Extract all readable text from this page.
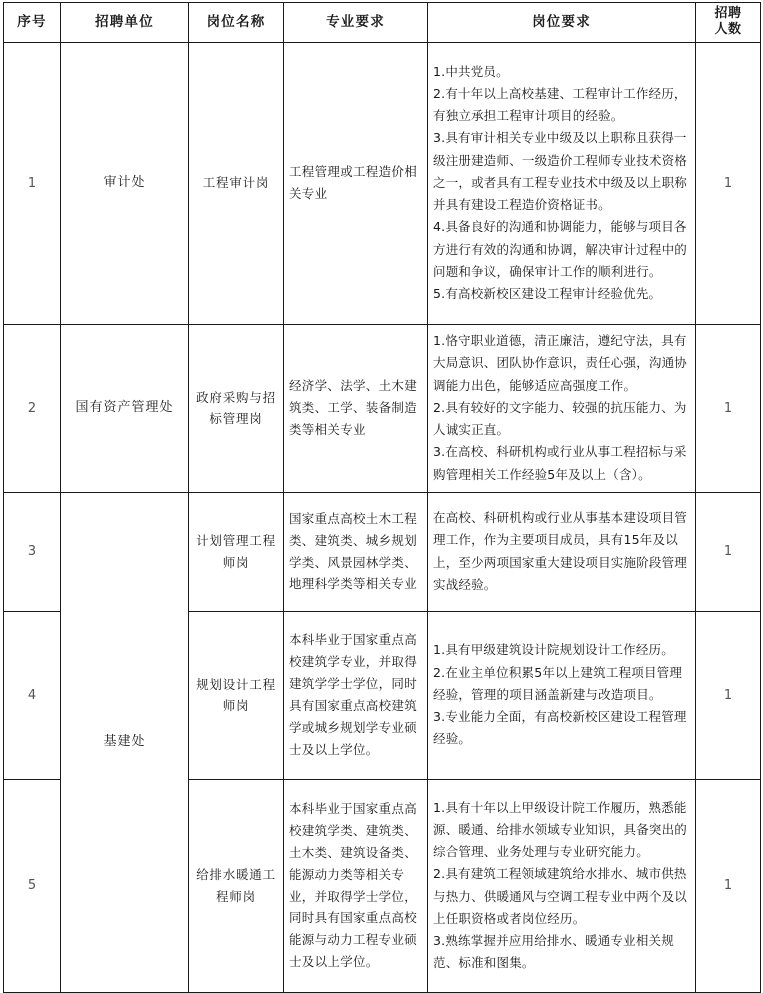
序号	招聘单位	岗位名称	专业要求	岗位要求	招聘
人数
1	审计处	工程审计岗	工程管理或工程造价相关专业	1.中共党员。
2.有十年以上高校基建、工程审计工作经历，有独立承担工程审计项目的经验。
3.具有审计相关专业中级及以上职称且获得一级注册建造师、一级造价工程师专业技术资格之一，或者具有工程专业技术中级及以上职称并具有建设工程造价资格证书。
4.具备良好的沟通和协调能力，能够与项目各方进行有效的沟通和协调，解决审计过程中的问题和争议，确保审计工作的顺利进行。
5.有高校新校区建设工程审计经验优先。	1
2	国有资产管理处	政府采购与招标管理岗	经济学、法学、土木建筑类、工学、装备制造类等相关专业	1.恪守职业道德，清正廉洁，遵纪守法，具有大局意识、团队协作意识，责任心强，沟通协调能力出色，能够适应高强度工作。
2.具有较好的文字能力、较强的抗压能力、为人诚实正直。
3.在高校、科研机构或行业从事工程招标与采购管理相关工作经验5年及以上（含）。	1
3	基建处	计划管理工程师岗	国家重点高校土木工程类、建筑类、城乡规划学类、风景园林学类、地理科学类等相关专业	在高校、科研机构或行业从事基本建设项目管理工作，作为主要项目成员，具有15年及以上，至少两项国家重大建设项目实施阶段管理实战经验。	1
4		规划设计工程师岗	本科毕业于国家重点高校建筑学专业，并取得建筑学学士学位，同时具有国家重点高校建筑学或城乡规划学专业硕士及以上学位。	1.具有甲级建筑设计院规划设计工作经历。
2.在业主单位积累5年以上建筑工程项目管理经验，管理的项目涵盖新建与改造项目。
3.专业能力全面，有高校新校区建设工程管理经验。	1
5		给排水暖通工程师岗	本科毕业于国家重点高校建筑学类、建筑类、土木类、建筑设备类、能源动力类等相关专业，并取得学士学位，同时具有国家重点高校能源与动力工程专业硕士及以上学位。	1.具有十年以上甲级设计院工作履历，熟悉能源、暖通、给排水领域专业知识，具备突出的综合管理、业务处理与专业研究能力。
2.具有建筑工程领域建筑给水排水、城市供热与热力、供暖通风与空调工程专业中两个及以上任职资格或者岗位经历。
3.熟练掌握并应用给排水、暖通专业相关规范、标准和图集。	1
